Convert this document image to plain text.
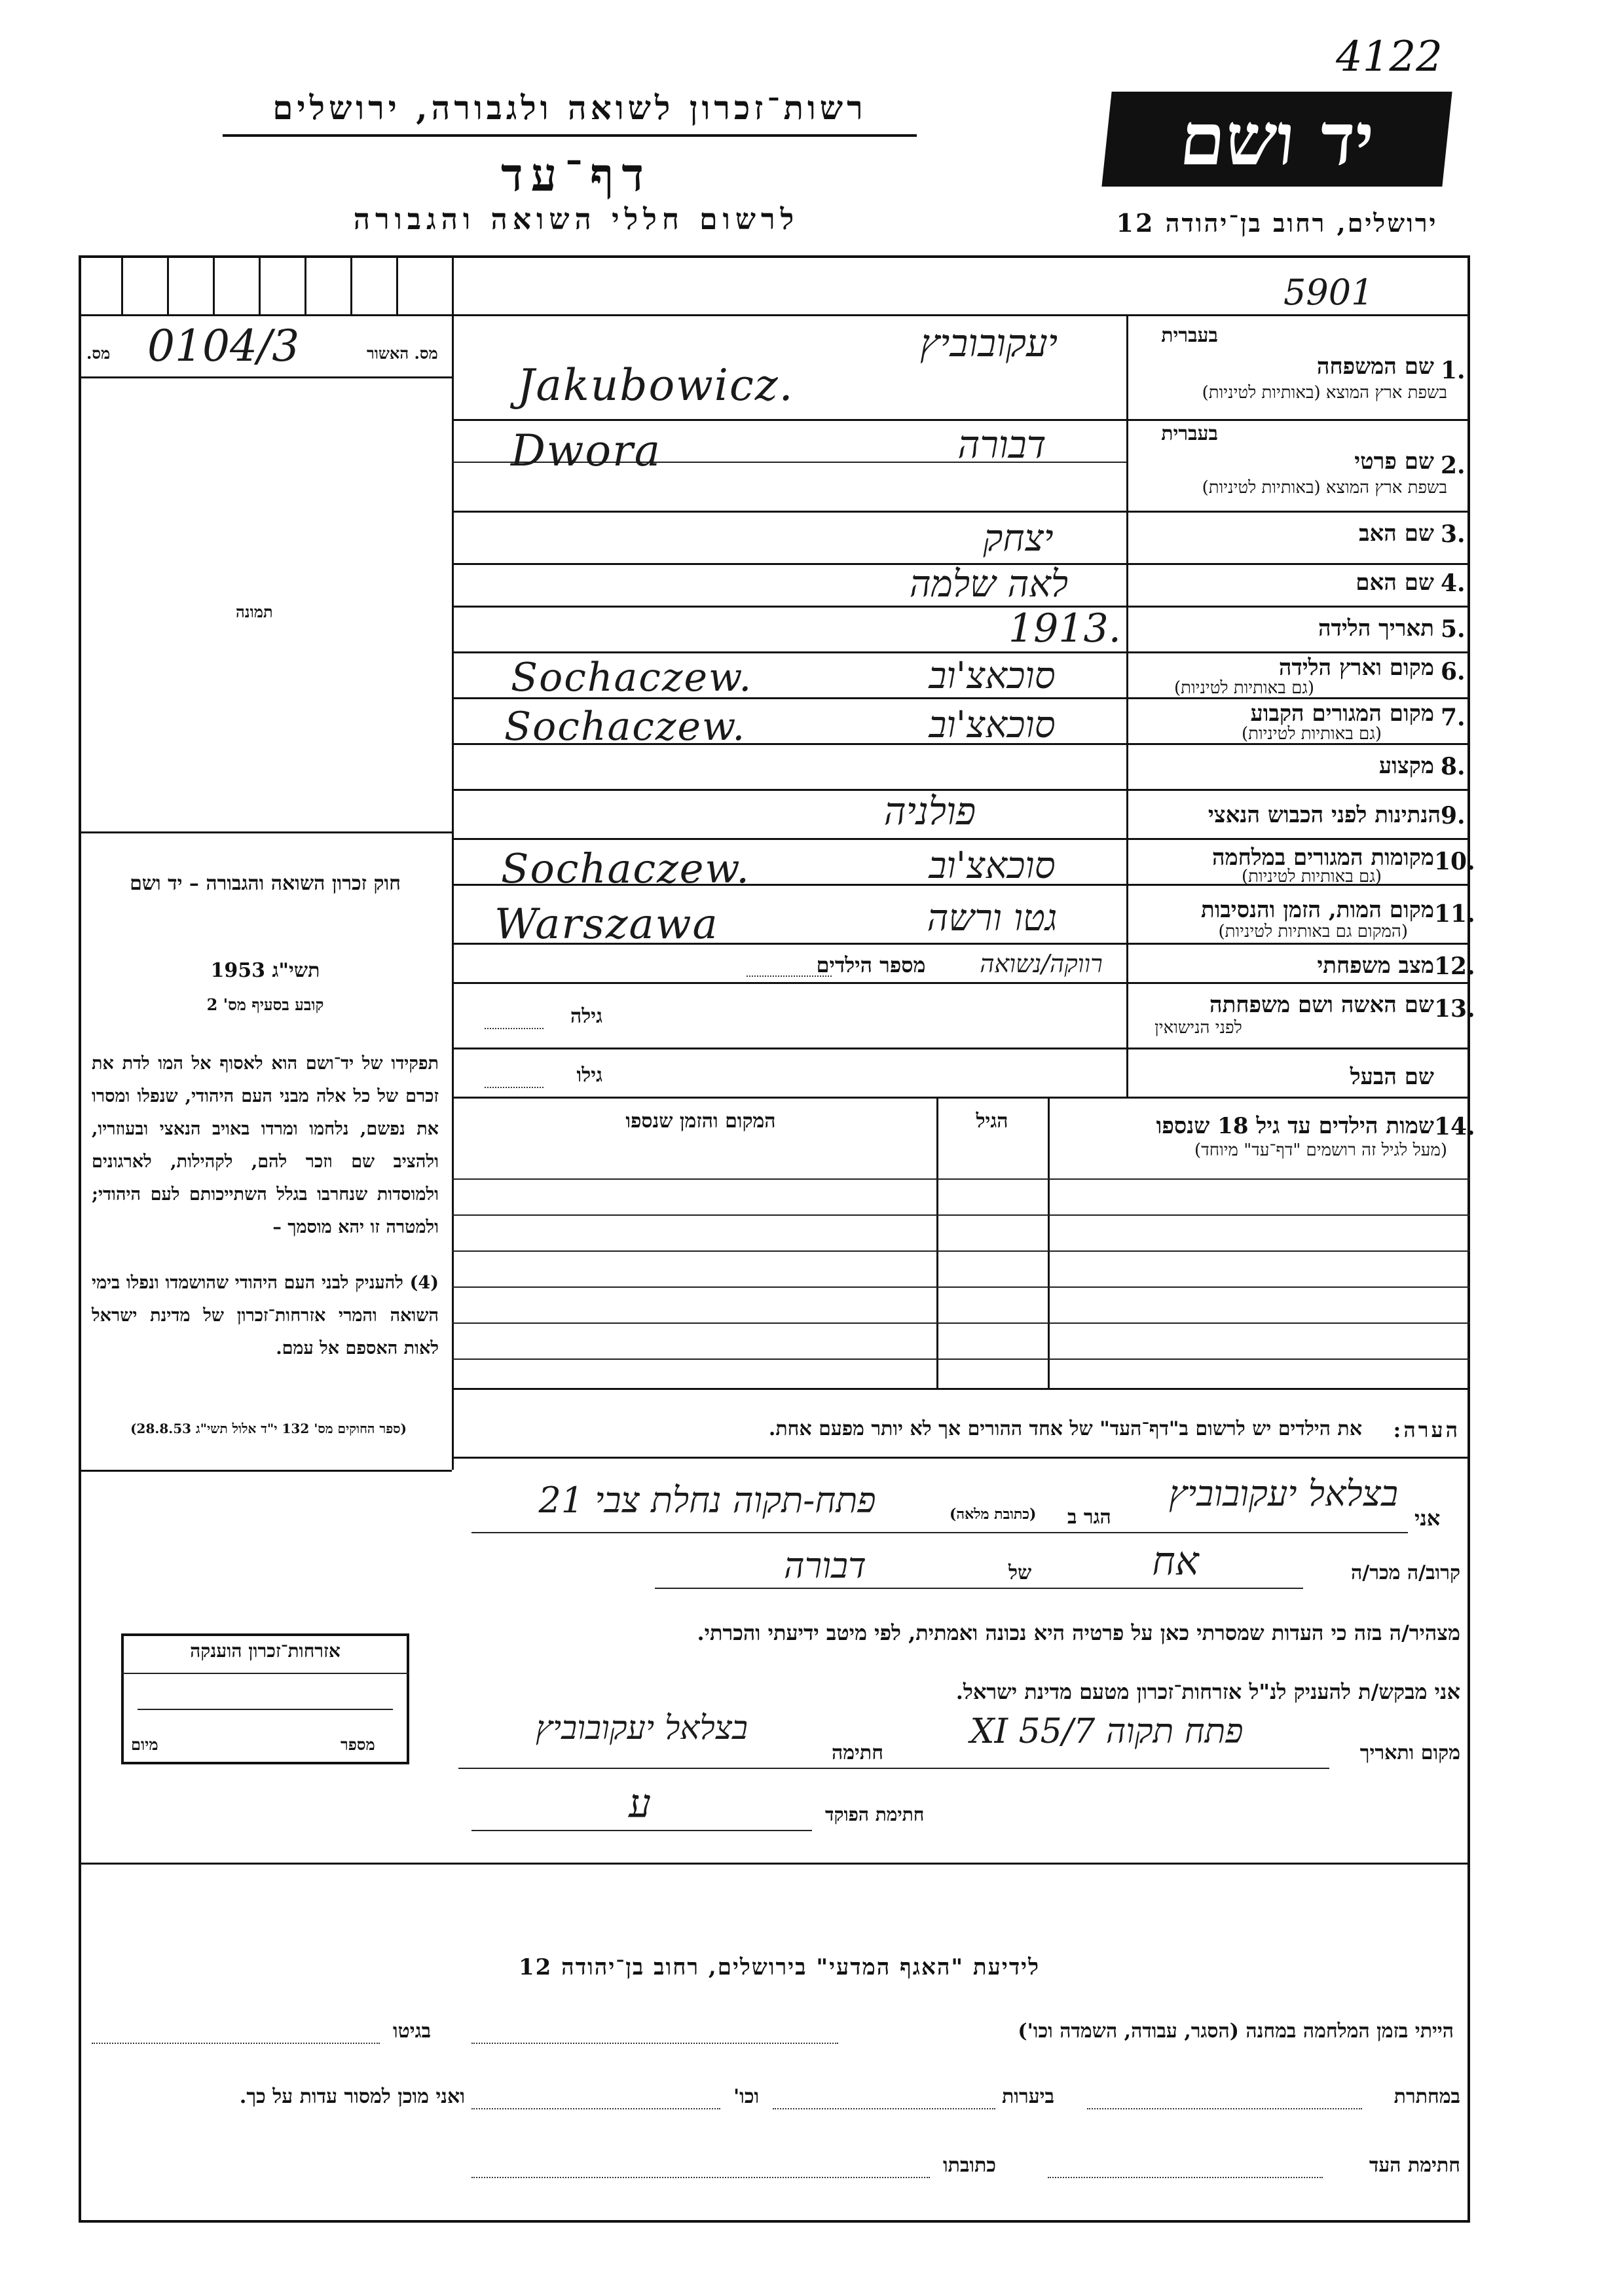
4122
רשות־זכרון לשואה ולגבורה, ירושלים
דף־עד
לרשום חללי השואה והגבורה
יד ושם
ירושלים, רחוב בן־יהודה 12
5901
מס. 0104/3	מס. האשור
תמונה
בעברית
1.
שם המשפחה
בשפת ארץ המוצא (באותיות לטיניות)
יעקובוביץ
Jakubowicz.
בעברית
2.
שם פרטי
בשפת ארץ המוצא (באותיות לטיניות)
דבורה
Dwora
3.
שם האב
יצחק
4.
שם האם
לאה שלמה
5.
תאריך הלידה
1913.
6.
מקום וארץ הלידה
(גם באותיות לטיניות)
סוכאצ'וב
Sochaczew.
7.
מקום המגורים הקבוע
(גם באותיות לטיניות)
סוכאצ'וב
Sochaczew.
8.
מקצוע
9.
הנתינות לפני הכבוש הנאצי
פולניה
10.
מקומות המגורים במלחמה
(גם באותיות לטיניות)
סוכאצ'וב
Sochaczew.
11.
מקום המות, הזמן והנסיבות
(המקום גם באותיות לטיניות)
גטו ורשה
Warszawa
12.
מצב משפחתי
רווקה/נשואה
מספר הילדים
13.
שם האשה ושם משפחתה
לפני הנישואין
גילה
שם הבעל
גילו
14.
שמות הילדים עד גיל 18 שנספו
(מעל לגיל זה רושמים "דף־עד" מיוחד)
הגיל
המקום והזמן שנספו
חוק זכרון השואה והגבורה – יד ושם
תשי"ג 1953
קובע בסעיף מס' 2
תפקידו של יד־ושם הוא לאסוף אל המו לדת את זכרם של כל אלה מבני העם היהודי, שנפלו ומסרו את נפשם, נלחמו ומרדו באויב הנאצי ובעוזריו, ולהציב שם וזכר להם, לקהילות, לארגונים ולמוסדות שנחרבו בגלל השתייכותם לעם היהודי; ולמטרה זו יהא מוסמך –
(4) להעניק לבני העם היהודי שהושמדו ונפלו בימי השואה והמרי אזרחות־זכרון של מדינת ישראל לאות האספם אל עמם.
(ספר החוקים מס' 132 י"ד אלול תשי"ג 28.8.53)	הערה:
את הילדים יש לרשום ב"דף־העד" של אחד ההורים אך לא יותר מפעם אחת.
אני
בצלאל יעקובוביץ
הגר ב
(כתובת מלאה)
פתח-תקוה נחלת צבי 21
קרוב/ה מכר/ה
אח
של
דבורה
מצהיר/ה בזה כי העדות שמסרתי כאן על פרטיה היא נכונה ואמתית, לפי מיטב ידיעתי והכרתי.
אני מבקש/ת להעניק לנ"ל אזרחות־זכרון מטעם מדינת ישראל.
מקום ותאריך
פתח תקוה 7/XI 55
חתימה
בצלאל יעקובוביץ
חתימת הפוקד
ע
אזרחות־זכרון הוענקה
מספר
מיום
לידיעת "האגף המדעי" בירושלים, רחוב בן־יהודה 12
הייתי בזמן המלחמה במחנה (הסגר, עבודה, השמדה וכו')
בגיטו
במחתרת
ביערות
וכו'
ואני מוכן למסור עדות על כך.
חתימת העד
כתובתו
